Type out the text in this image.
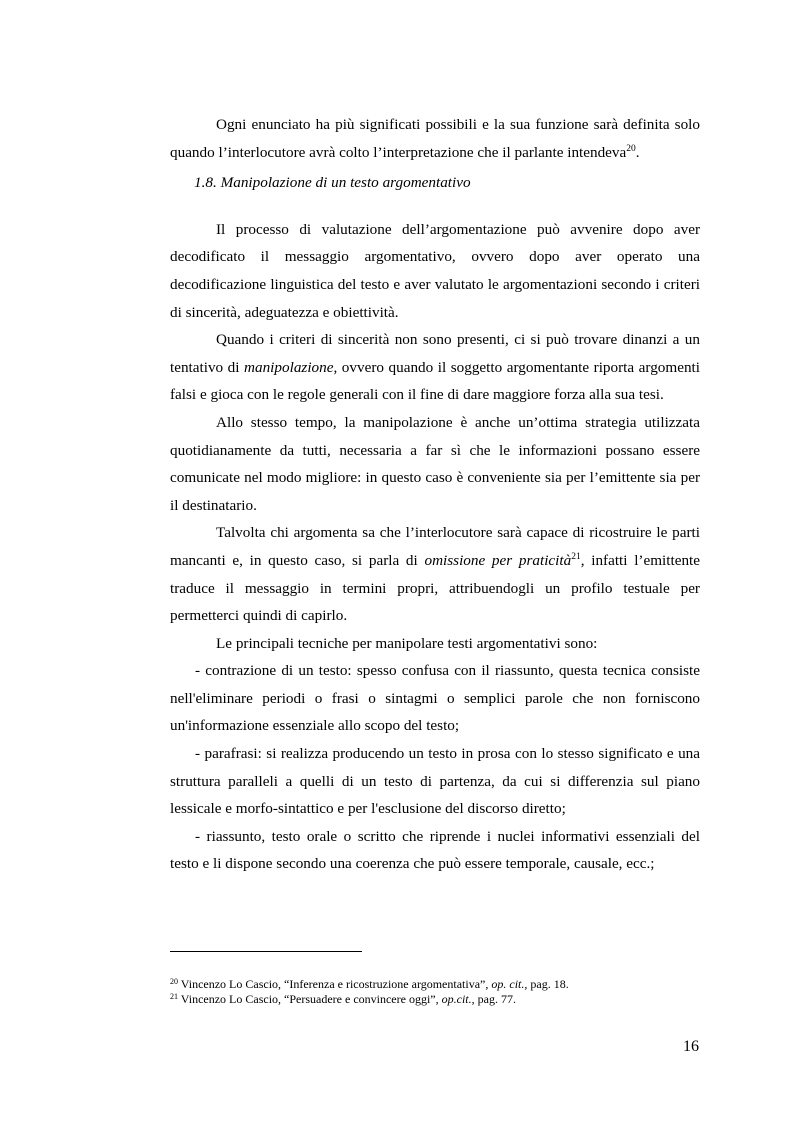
Ogni enunciato ha più significati possibili e la sua funzione sarà definita solo quando l’interlocutore avrà colto l’interpretazione che il parlante intendeva$^{20}$.

1.8. Manipolazione di un testo argomentativo

Il processo di valutazione dell’argomentazione può avvenire dopo aver decodificato il messaggio argomentativo, ovvero dopo aver operato una decodificazione linguistica del testo e aver valutato le argomentazioni secondo i criteri di sincerità, adeguatezza e obiettività.

Quando i criteri di sincerità non sono presenti, ci si può trovare dinanzi a un tentativo di manipolazione, ovvero quando il soggetto argomentante riporta argomenti falsi e gioca con le regole generali con il fine di dare maggiore forza alla sua tesi.

Allo stesso tempo, la manipolazione è anche un’ottima strategia utilizzata quotidianamente da tutti, necessaria a far sì che le informazioni possano essere comunicate nel modo migliore: in questo caso è conveniente sia per l’emittente sia per il destinatario.

Talvolta chi argomenta sa che l’interlocutore sarà capace di ricostruire le parti mancanti e, in questo caso, si parla di omissione per praticità$^{21}$, infatti l’emittente traduce il messaggio in termini propri, attribuendogli un profilo testuale per permetterci quindi di capirlo.

Le principali tecniche per manipolare testi argomentativi sono:

- contrazione di un testo: spesso confusa con il riassunto, questa tecnica consiste nell'eliminare periodi o frasi o sintagmi o semplici parole che non forniscono un'informazione essenziale allo scopo del testo;

- parafrasi: si realizza producendo un testo in prosa con lo stesso significato e una struttura paralleli a quelli di un testo di partenza, da cui si differenzia sul piano lessicale e morfo-sintattico e per l'esclusione del discorso diretto;

- riassunto, testo orale o scritto che riprende i nuclei informativi essenziali del testo e li dispone secondo una coerenza che può essere temporale, causale, ecc.;

$^{20}$ Vincenzo Lo Cascio, “Inferenza e ricostruzione argomentativa”, op. cit., pag. 18.

$^{21}$ Vincenzo Lo Cascio, “Persuadere e convincere oggi”, op.cit., pag. 77.

16
